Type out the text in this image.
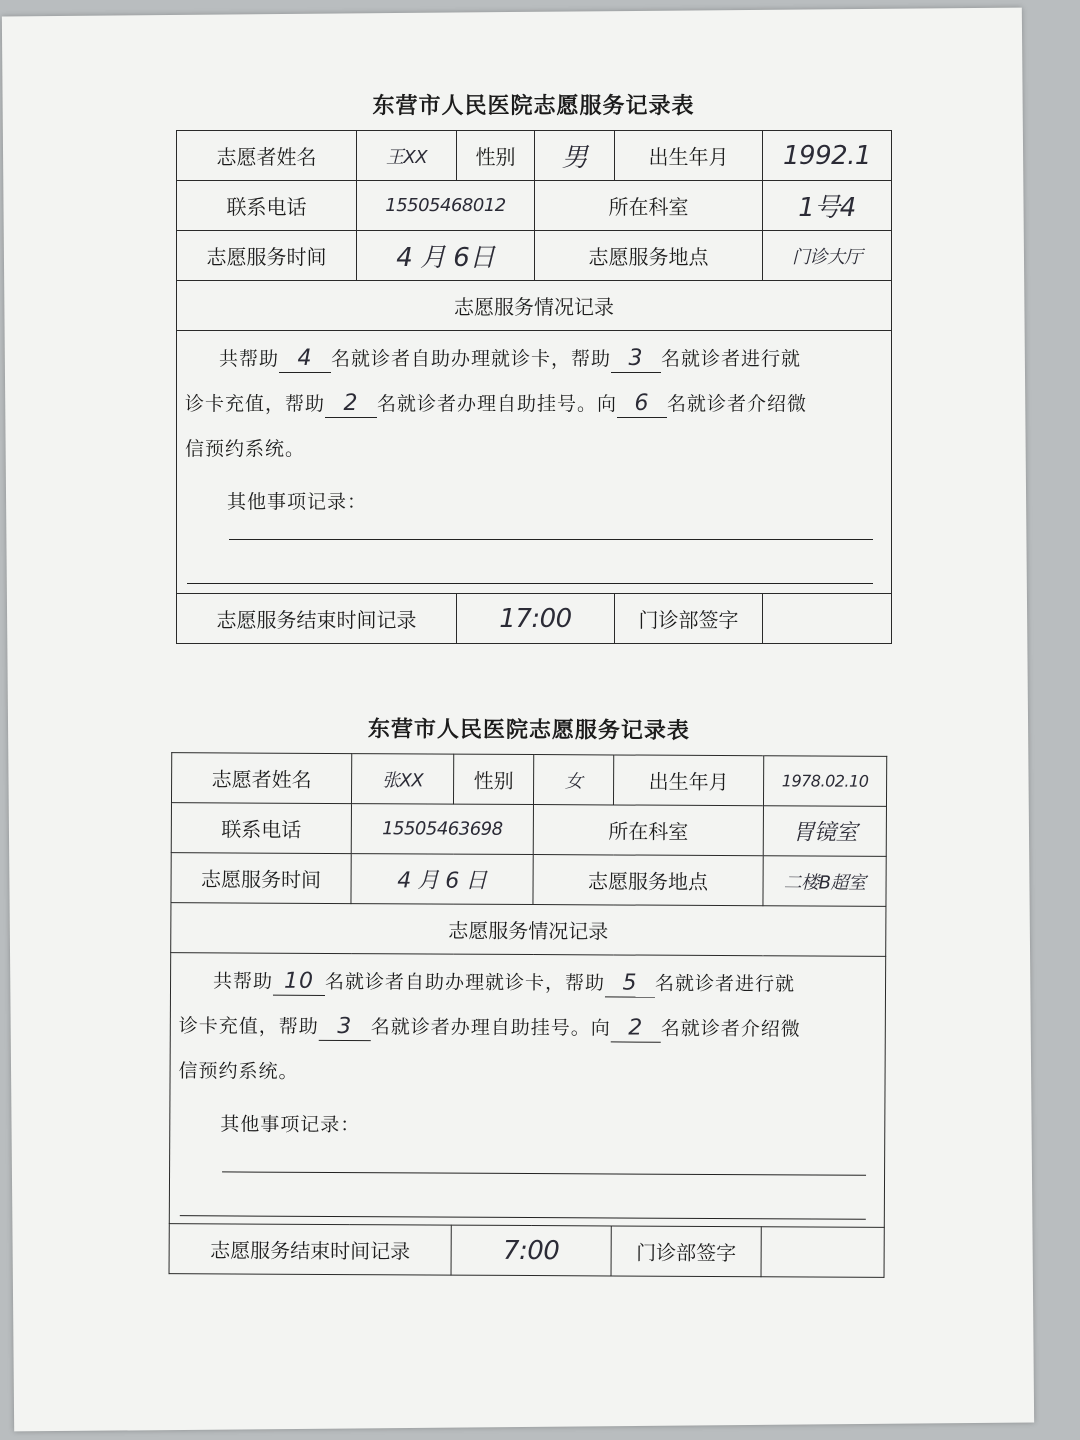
东营市人民医院志愿服务记录表
志愿者姓名	王XX	性别	男	出生年月	1992.1
联系电话	15505468012		所在科室		1号4
志愿服务时间	4 月 6日		志愿服务地点		门诊大厅
志愿服务情况记录					

共帮助 4 名就诊者自助办理就诊卡，帮助 3 名就诊者进行就
诊卡充值，帮助 2 名就诊者办理自助挂号。向 6 名就诊者介绍微
信预约系统。
其他事项记录：					

志愿服务结束时间记录		17:00		门诊部签字	
东营市人民医院志愿服务记录表
志愿者姓名	张XX	性别	女	出生年月	1978.02.10
联系电话	15505463698		所在科室		胃镜室
志愿服务时间	4 月 6 日		志愿服务地点		二楼B超室
志愿服务情况记录					

共帮助 10 名就诊者自助办理就诊卡，帮助 5 名就诊者进行就
诊卡充值，帮助 3 名就诊者办理自助挂号。向 2 名就诊者介绍微
信预约系统。
其他事项记录：					

志愿服务结束时间记录		7:00		门诊部签字	
